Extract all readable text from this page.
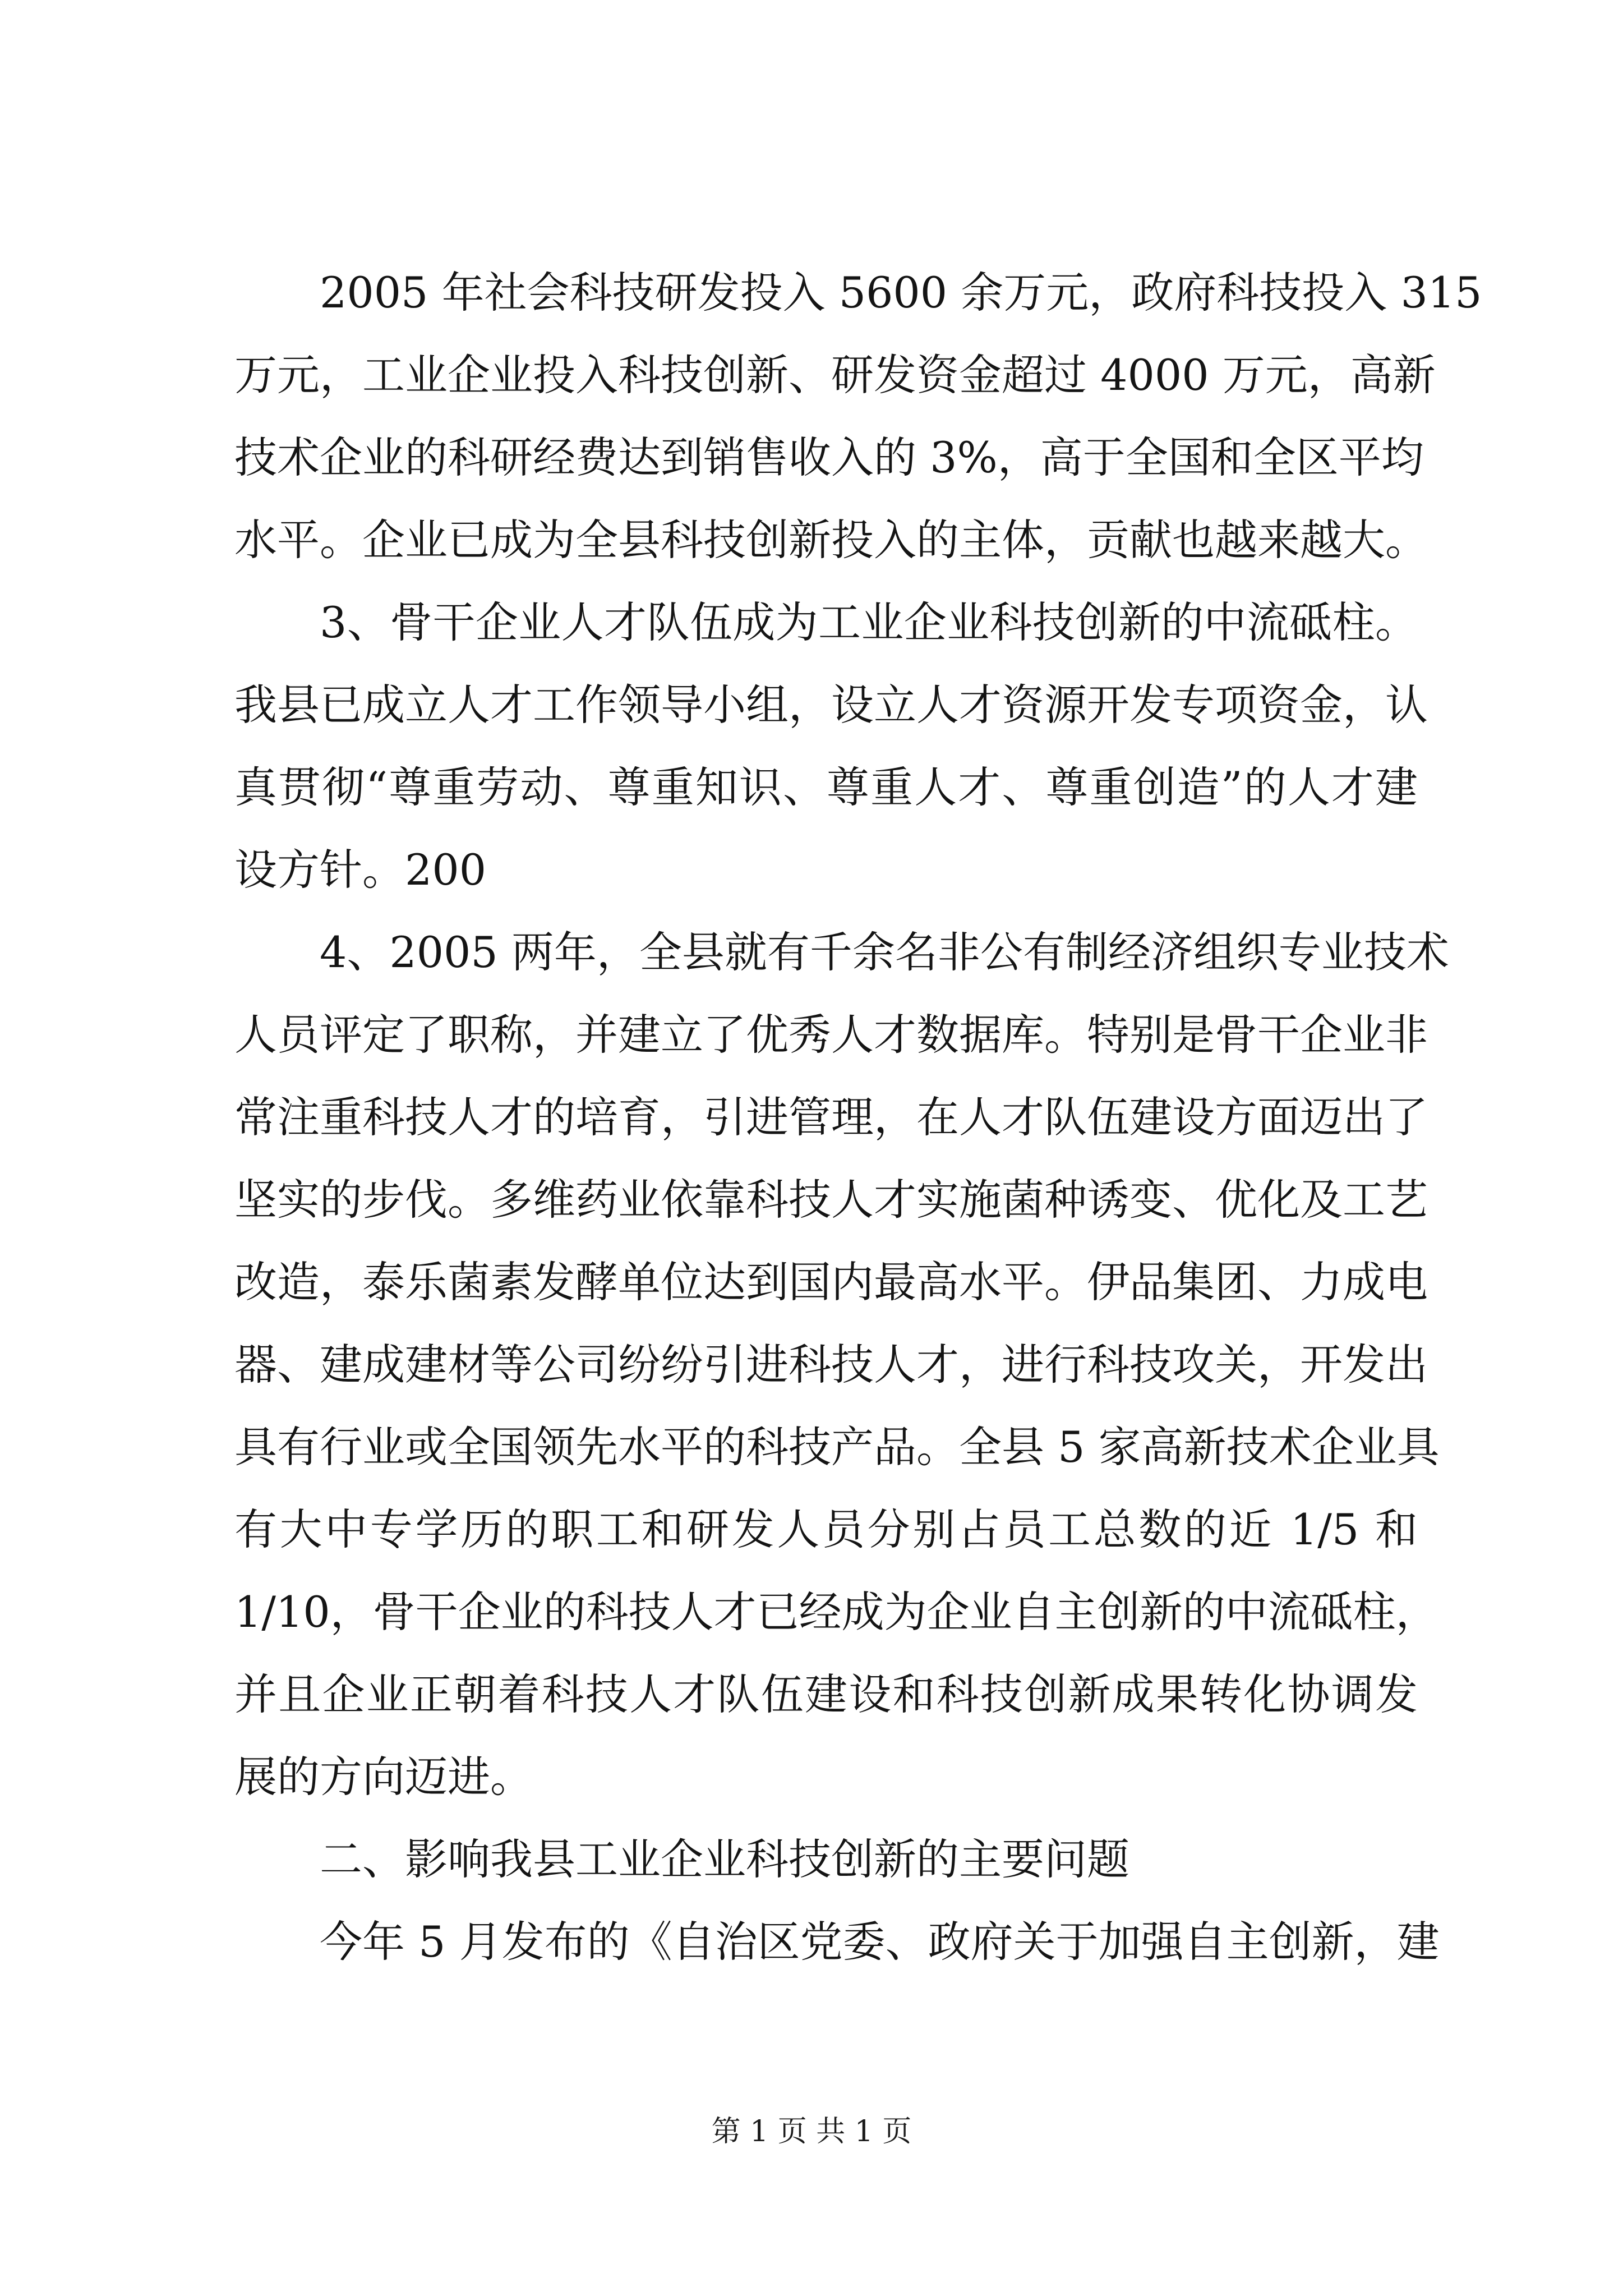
2005 年社会科技研发投入 5600 余万元，政府科技投入 315
万元，工业企业投入科技创新、研发资金超过 4000 万元，高新
技术企业的科研经费达到销售收入的 3%，高于全国和全区平均
水平。企业已成为全县科技创新投入的主体，贡献也越来越大。
3、骨干企业人才队伍成为工业企业科技创新的中流砥柱。
我县已成立人才工作领导小组，设立人才资源开发专项资金，认
真贯彻“尊重劳动、尊重知识、尊重人才、尊重创造”的人才建
设方针。200
4、2005 两年，全县就有千余名非公有制经济组织专业技术
人员评定了职称，并建立了优秀人才数据库。特别是骨干企业非
常注重科技人才的培育，引进管理，在人才队伍建设方面迈出了
坚实的步伐。多维药业依靠科技人才实施菌种诱变、优化及工艺
改造，泰乐菌素发酵单位达到国内最高水平。伊品集团、力成电
器、建成建材等公司纷纷引进科技人才，进行科技攻关，开发出
具有行业或全国领先水平的科技产品。全县 5 家高新技术企业具
有大中专学历的职工和研发人员分别占员工总数的近 1/5 和
1/10，骨干企业的科技人才已经成为企业自主创新的中流砥柱，
并且企业正朝着科技人才队伍建设和科技创新成果转化协调发
展的方向迈进。
二、影响我县工业企业科技创新的主要问题
今年 5 月发布的《自治区党委、政府关于加强自主创新，建
第 1 页 共 1 页
